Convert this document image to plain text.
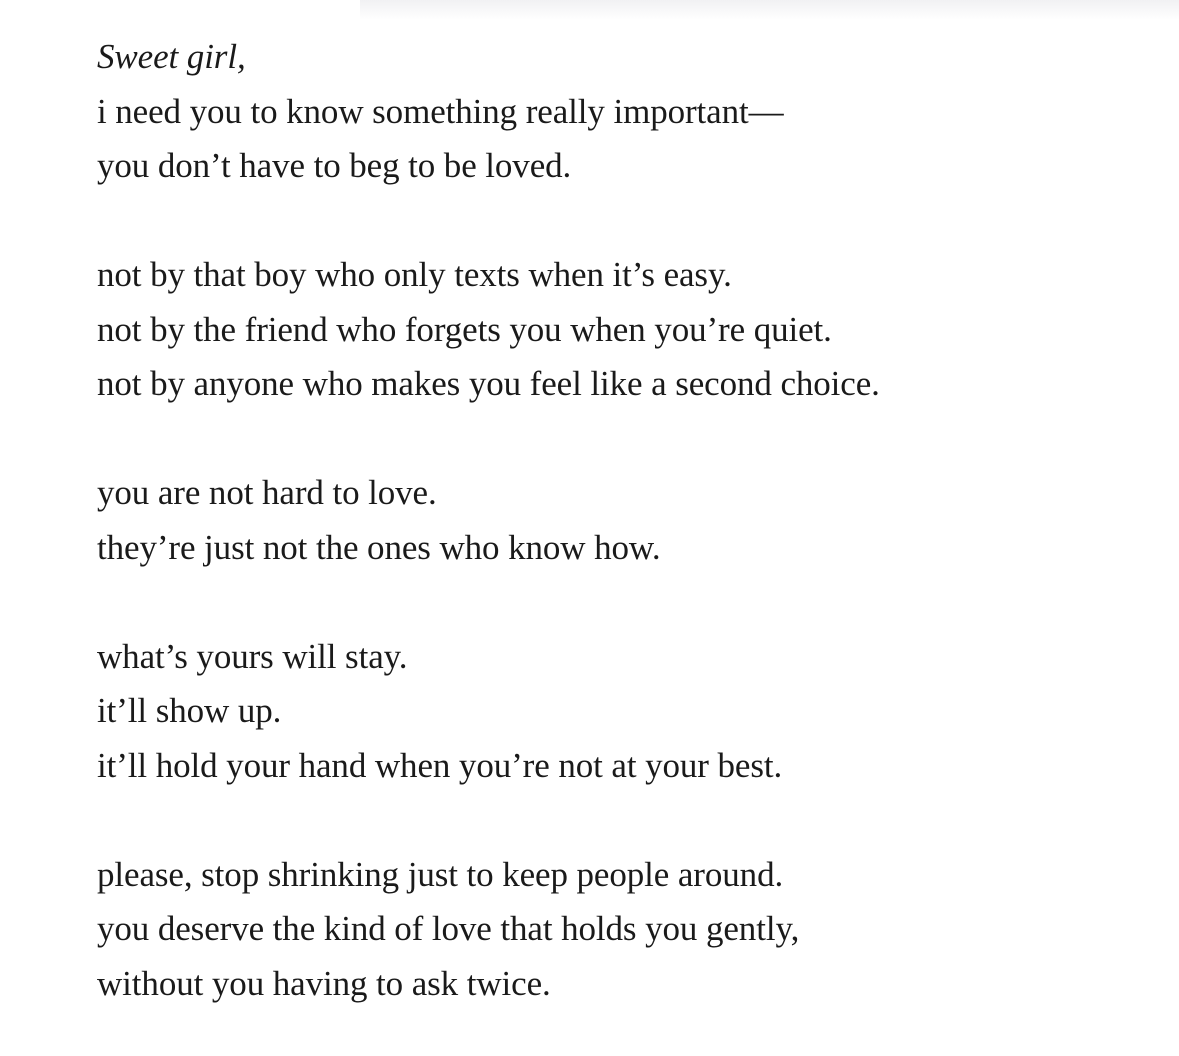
Sweet girl,
i need you to know something really important—
you don’t have to beg to be loved.
not by that boy who only texts when it’s easy.
not by the friend who forgets you when you’re quiet.
not by anyone who makes you feel like a second choice.
you are not hard to love.
they’re just not the ones who know how.
what’s yours will stay.
it’ll show up.
it’ll hold your hand when you’re not at your best.
please, stop shrinking just to keep people around.
you deserve the kind of love that holds you gently,
without you having to ask twice.
